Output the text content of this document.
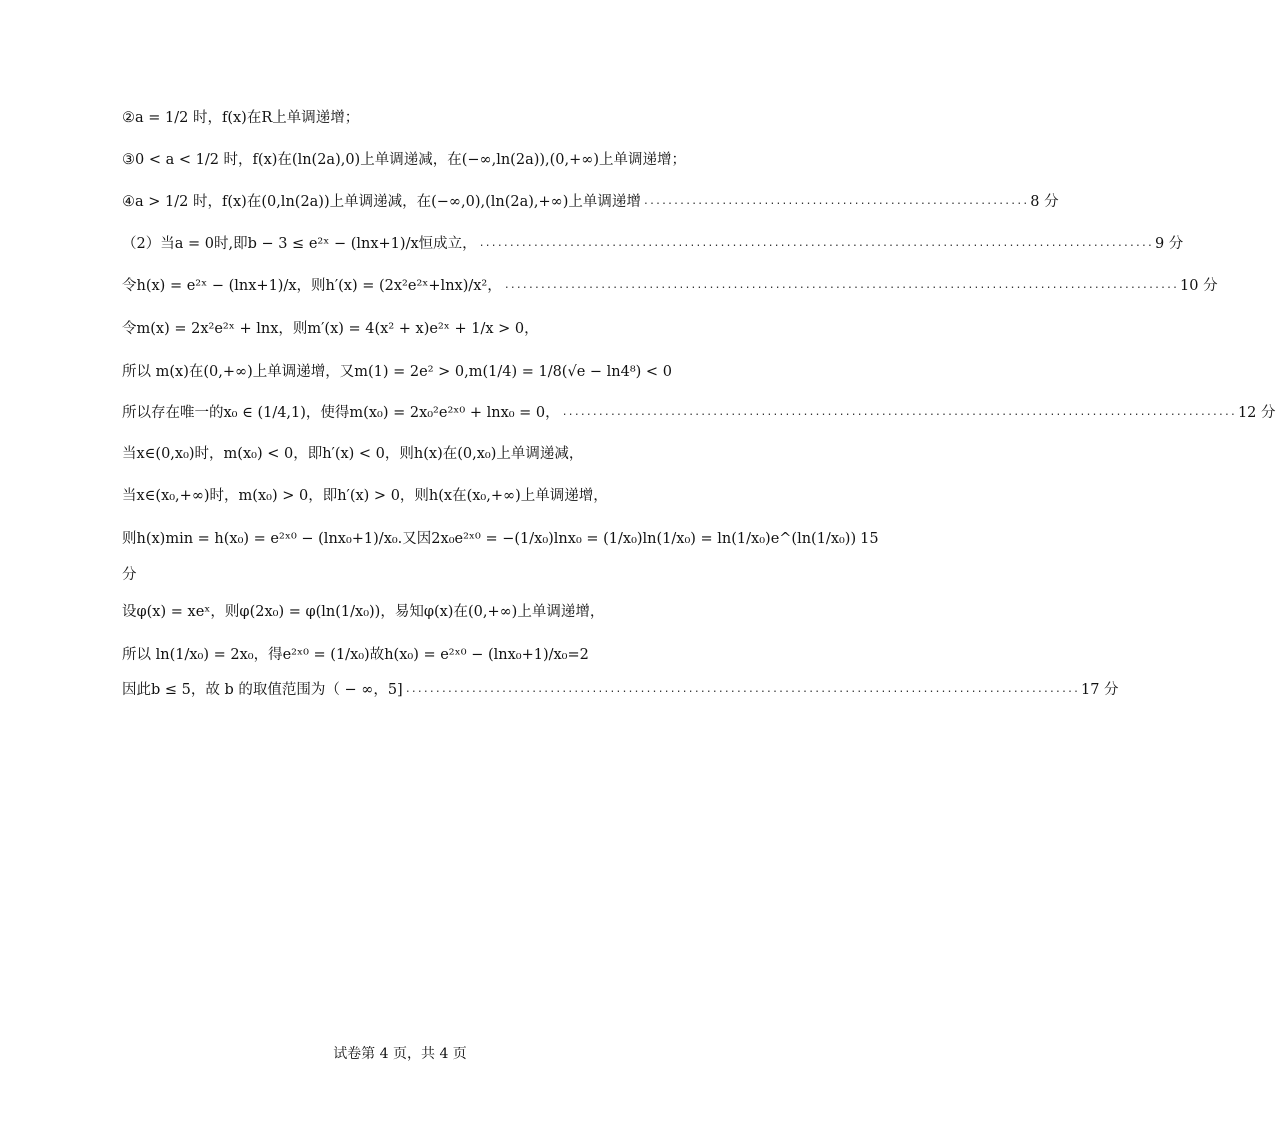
②a = 1/2 时，f(x)在R上单调递增；
③0 < a < 1/2 时，f(x)在(ln(2a),0)上单调递减，在(−∞,ln(2a)),(0,+∞)上单调递增；
④a > 1/2 时，f(x)在(0,ln(2a))上单调递减，在(−∞,0),(ln(2a),+∞)上单调递增 ................................................................ 8 分
（2）当a = 0时,即b − 3 ≤ e²ˣ − (lnx+1)/x恒成立， ................................................................................................................ 9 分
令h(x) = e²ˣ − (lnx+1)/x，则h′(x) = (2x²e²ˣ+lnx)/x²， ................................................................................................................ 10 分
令m(x) = 2x²e²ˣ + lnx，则m′(x) = 4(x² + x)e²ˣ + 1/x > 0，
所以 m(x)在(0,+∞)上单调递增，又m(1) = 2e² > 0,m(1/4) = 1/8(√e − ln4⁸) < 0
所以存在唯一的x₀ ∈ (1/4,1)，使得m(x₀) = 2x₀²e²ˣ⁰ + lnx₀ = 0， ................................................................................................................ 12 分
当x∈(0,x₀)时，m(x₀) < 0，即h′(x) < 0，则h(x)在(0,x₀)上单调递减，
当x∈(x₀,+∞)时，m(x₀) > 0，即h′(x) > 0，则h(x在(x₀,+∞)上单调递增，
则h(x)min = h(x₀) = e²ˣ⁰ − (lnx₀+1)/x₀.又因2x₀e²ˣ⁰ = −(1/x₀)lnx₀ = (1/x₀)ln(1/x₀) = ln(1/x₀)e^(ln(1/x₀)) 15
分
设φ(x) = xeˣ，则φ(2x₀) = φ(ln(1/x₀))，易知φ(x)在(0,+∞)上单调递增，
所以 ln(1/x₀) = 2x₀，得e²ˣ⁰ = (1/x₀)故h(x₀) = e²ˣ⁰ − (lnx₀+1)/x₀=2
因此b ≤ 5，故 b 的取值范围为（ − ∞，5] ................................................................................................................ 17 分
试卷第 4 页，共 4 页
